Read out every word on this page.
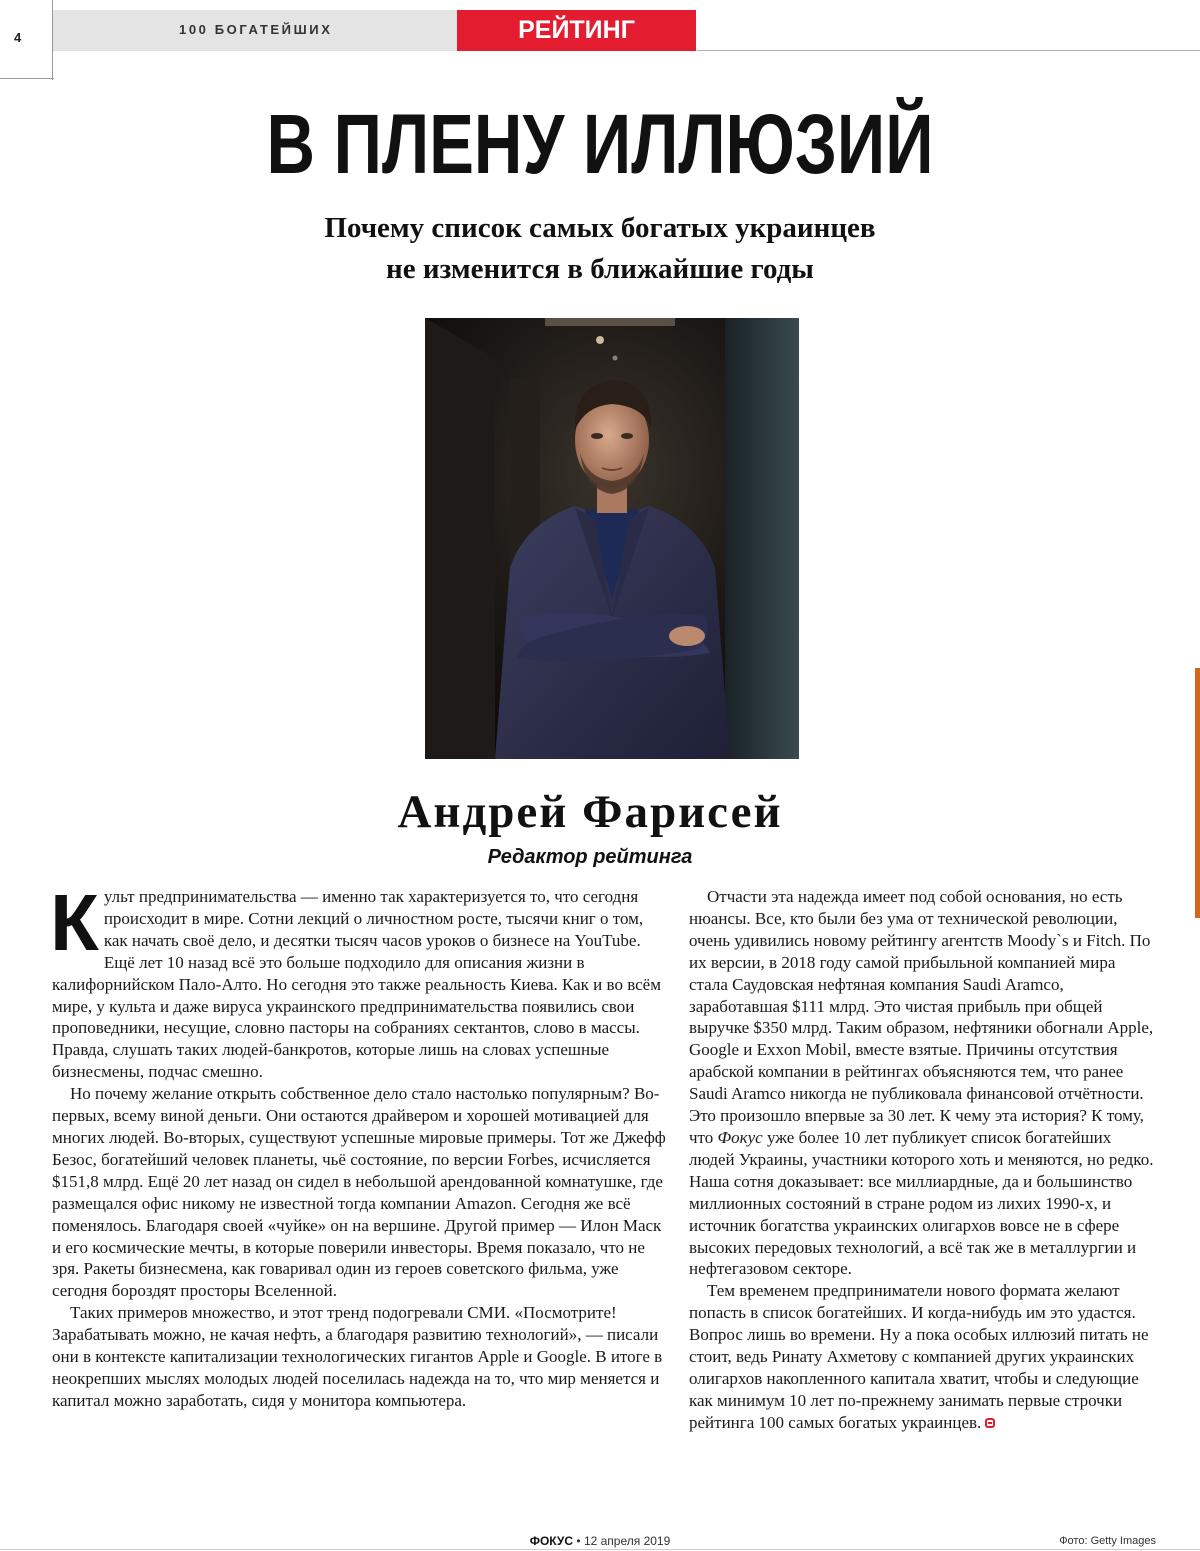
4
100 БОГАТЕЙШИХ	РЕЙТИНГ
В ПЛЕНУ ИЛЛЮЗИЙ
Почему список самых богатых украинцев
не изменится в ближайшие годы
Андрей Фарисей
Редактор рейтинга

Культ предпринимательства — именно так характеризуется то, что сегодня происходит в мире. Сотни лекций о личностном росте, тысячи книг о том, как начать своё дело, и десятки тысяч часов уроков о бизнесе на YouTube. Ещё лет 10 назад всё это больше подходило для описания жизни в калифорнийском Пало-Алто. Но сегодня это также реальность Киева. Как и во всём мире, у культа и даже вируса украинского предпринимательства появились свои проповедники, несущие, словно пасторы на собраниях сектантов, слово в массы. Правда, слушать таких людей-банкротов, которые лишь на словах успешные бизнесмены, подчас смешно.

Но почему желание открыть собственное дело стало настолько популярным? Во-первых, всему виной деньги. Они остаются драйвером и хорошей мотивацией для многих людей. Во-вторых, существуют успешные мировые примеры. Тот же Джефф Безос, богатейший человек планеты, чьё состояние, по версии Forbes, исчисляется $151,8 млрд. Ещё 20 лет назад он сидел в небольшой арендованной комнатушке, где размещался офис никому не известной тогда компании Amazon. Сегодня же всё поменялось. Благодаря своей «чуйке» он на вершине. Другой пример — Илон Маск и его космические мечты, в которые поверили инвесторы. Время показало, что не зря. Ракеты бизнесмена, как говаривал один из героев советского фильма, уже сегодня бороздят просторы Вселенной.

Таких примеров множество, и этот тренд подогревали СМИ. «Посмотрите! Зарабатывать можно, не качая нефть, а благодаря развитию технологий», — писали они в контексте капитализации технологических гигантов Apple и Google. В итоге в неокрепших мыслях молодых людей поселилась надежда на то, что мир меняется и капитал можно заработать, сидя у монитора компьютера.

Отчасти эта надежда имеет под собой основания, но есть нюансы. Все, кто были без ума от технической революции, очень удивились новому рейтингу агентств Moody`s и Fitch. По их версии, в 2018 году самой прибыльной компанией мира стала Саудовская нефтяная компания Saudi Aramco, заработавшая $111 млрд. Это чистая прибыль при общей выручке $350 млрд. Таким образом, нефтяники обогнали Apple, Google и Exxon Mobil, вместе взятые. Причины отсутствия арабской компании в рейтингах объясняются тем, что ранее Saudi Aramco никогда не публиковала финансовой отчётности. Это произошло впервые за 30 лет. К чему эта история? К тому, что Фокус уже более 10 лет публикует список богатейших людей Украины, участники которого хоть и меняются, но редко. Наша сотня доказывает: все миллиардные, да и большинство миллионных состояний в стране родом из лихих 1990-х, и источник богатства украинских олигархов вовсе не в сфере высоких передовых технологий, а всё так же в металлургии и нефтегазовом секторе.

Тем временем предприниматели нового формата желают попасть в список богатейших. И когда-нибудь им это удастся. Вопрос лишь во времени. Ну а пока особых иллюзий питать не стоит, ведь Ринату Ахметову с компанией других украинских олигархов накопленного капитала хватит, чтобы и следующие как минимум 10 лет по-прежнему занимать первые строчки рейтинга 100 самых богатых украинцев.

ФОКУС • 12 апреля 2019	Фото: Getty Images
